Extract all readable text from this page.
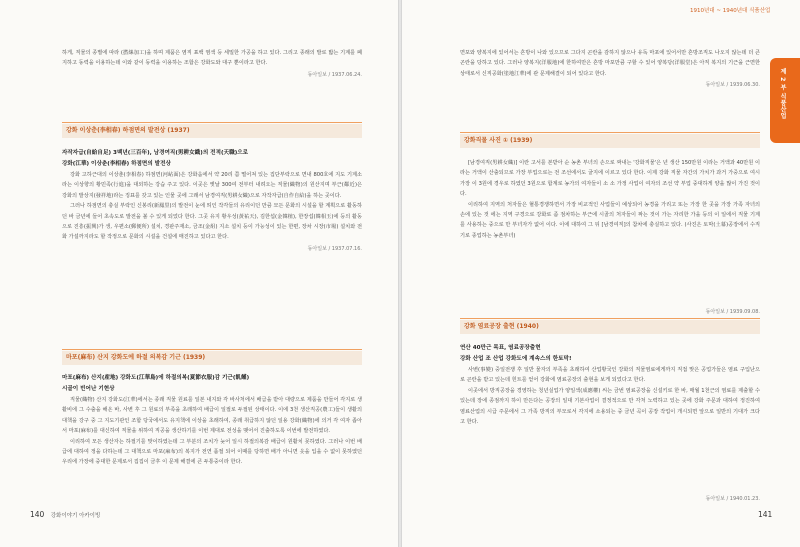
하게, 직물의 종별에 따라 (撚絲加工)을 하며 제품은 염직 표백 염색 등 세밀한 가공을 하고 있다. 그리고 종래의 발로 밟는 기계를 폐지하고 동력을 이용하는데 이와 같이 동력을 이용하는 조합은 강화도와 대구 뿐이라고 한다.
동아일보 / 1937.06.24.
강화 이상춘(李相春) 하점면의 발전상 (1937)
자작자급(自給自足) 3백년(三百年), 남경여직(男耕女織)의 전적(天職)으로
강화(江華) 이상춘(李相春) 하점면의 발전상
강화 고하근대의 이상춘(李相春) 하점면(河岾面)은 강화읍에서 약 20리 쯤 떨어져 있는 집단부락으로 면내 800호에 지도 기계소라는 이상향의 황민족(行進)을 대외하는 강습 주고 있다. 이곳은 옛날 300여 전부터 내려오는 직물(織物)의 원산지며 부근(鄰近)은 강화의 발상지(發祥地)라는 징표를 갖고 있는 인물 곳에 그래서 남경여직(男耕女織)으로 자작자급(自作自給)을 하는 곳이다.
그러나 하점면의 충실 부락인 신봉리(新鳳里)의 발전이 눈에 띄인 작각들의 유리이던 만큼 모든 문화의 시설을 할 계획으로 활동하던 바 금년에 들어 초속도로 발전을 볼 수 있게 되었다 한다. 그곳 유지 황우성(黃祐天), 김한섭(金韓植), 한장섭(韓相玉)에 등의 활동으로 진흥(振興)가 생, 우편소(郵便所) 설치, 경판주재소, 금조(金組) 지소 설치 등이 가능성이 있는 한편, 장차 시장(市場) 설치와 전화 가설까지라도 할 작정으로 문화의 시설을 건설에 매진하고 있다고 한다.
동아일보 / 1937.07.16.
마포(麻布) 산지 강화도에 하절 의복감 기근 (1939)
마포(麻布) 산지(産地) 강화도(江華島)에 하절의복(夏節衣服)감 기근(飢饉)
시골이 빈어난 기현상
직물(織物) 산지 강화도(江華)에서는 종래 직물 원료를 일본 내지와 각 바사처에서 배급을 받아 대량으로 제품을 만들어 각지로 생활비에 그 수출을 해온 바, 사변 후 그 원료의 부족을 초래하여 배급이 일절로 두절된 상태이다. 이에 3천 생산직공(農工)들이 생활의 대책을 강구 중 그 지도기관인 조합 당국에서도 유지책에 이상을 초래하여, 종래 취급하지 않던 일용 강화(織物)에 의거 각 여자 좁아서 마포(麻布)를 대신하여 직물을 위하여 직공을 생산하기를 이번 제대로 전성을 맺어서 진출하도록 이번에 발전하였다.
이리하여 모든 생산자는 하절기를 맞이하였는데 그 부분의 조치가 늦어 일시 하절의복감 배급이 원활치 못하였다. 그러나 이번 배급에 대하여 정을 다하는데 그 대책으로 마포(麻布)의 복지가 전연 품절 되어 이때를 당하면 배가 아니면 옷을 입을 수 없이 못하였던 우리에 가장에 중대한 문제로서 집집이 금후 이 문제 해결에 큰 두통중이라 한다.
140 강화이야기 아카이빙
면포와 양복지에 있어서는 흔방이 나와 있으므로 그다지 곤란을 감하지 않으나 유독 마포에 있어서만 흔방조직도 나오지 않는데 더 큰 곤란을 당하고 있다. 그러나 양복지(洋服地)에 한하여만은 흔방 마포만큼 구할 수 있어 양복당(洋服堂)은 아직 복지의 기근을 근면한 상태로서 신직공화(塗地江華)에 관 문제해결이 되어 있다고 한다.
동아일보 / 1939.06.30.
강화직물 사진 ① (1939)
[남경여직(男耕女織)] 이란 고서를 본받아 순 농촌 부녀의 손으로 짜내는 '강화직물'은 년 생산 150만원 이라는 거액과 40만원 이라는 거액이 산출되므로 가장 부업으로는 전 조선에서도 굴지에 이르고 있다 한다. 이제 강화 직물 자간의 가치가 과거 가중으로 여시 가장 이 3원에 경우로 하였던 3원으로 합계로 농가의 여자들이 소 소 가정 사업이 여자의 조선 약 부업 중대하게 양을 많이 가진 것이다.
이리하여 지역의 처자들은 혈통경쟁하면서 가장 비교적인 사업들이 예상되어 농경을 가리고 또는 가장 한 곳을 가장 가족 자녀의 손에 있는 것 에는 지역 구경으로 강화로 좀 점차하는 부근에 시골의 처자들이 짜는 것이 가는 자리한 가을 등의 이 일에서 직물 기계를 사용하는 중으로 만 부녀자가 없어 이다. 이에 대하여 그 뒤 [남경여직]의 참차에 충실하고 있다. (사진은 토막(土幕)공장에서 수직기로 종업하는 농촌부녀)
동아일보 / 1939.09.08.
강화 염료공장 출현 (1940)
연산 40만근 목표, 염료공장출현
강화 산업 조 산업 강화도에 계속스의 한토막!
사변(事變) 중일전쟁 후 일반 물자의 부족을 초래하여 산업황국인 강화의 직물염료에게까지 직접 맞은 공업가들은 염료 구입난으로 곤란을 받고 있는데 힌트를 얻어 강화에 염료공장의 출현을 보게 되었다고 한다.
이곳에서 방직공장을 경영하는 청년실업가 양일색(成應權) 씨는 금번 염료공장을 신설키로 한 바, 매월 1천근의 염료를 제출할 수 있는데 장에 종점까지 하이 만든다는 공장의 일대 기본사업이 결정적으로 만 각처 노력하고 있는 곳에 강화 주문과 대하여 정진하여 염료산업의 시급 주문에서 그 가족 방직의 부모로서 각지에 소용되는 중 금년 곡이 공장 작업이 개시되면 앞으로 일반의 기대가 크다고 한다.
동아일보 / 1940.01.23.
141
1910년대 ~ 1940년대 식품산업
제 2 부 식품산업
